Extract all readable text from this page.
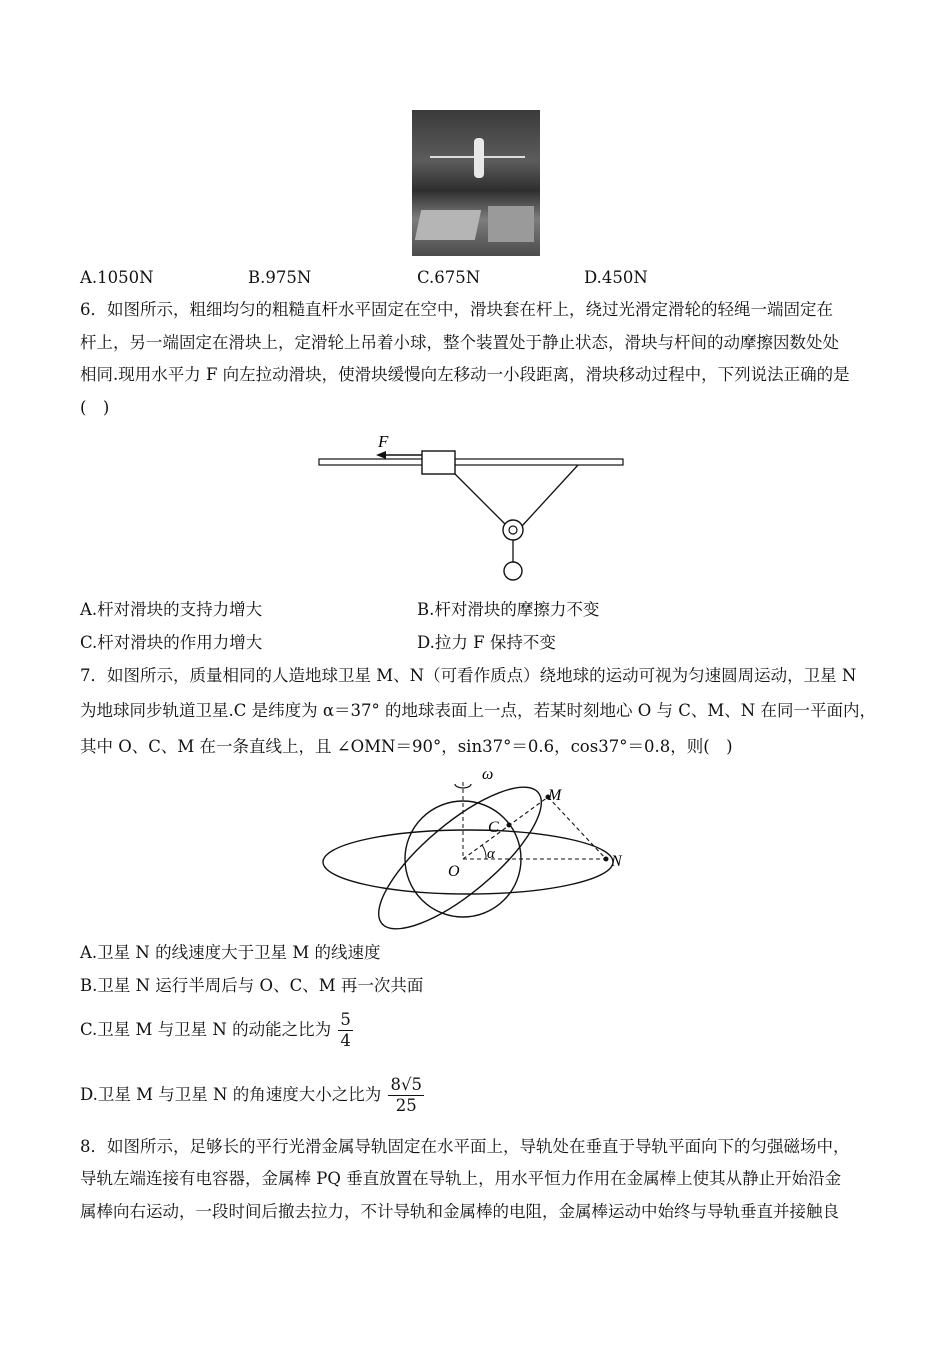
A.1050N	B.975N	C.675N	D.450N
6．如图所示，粗细均匀的粗糙直杆水平固定在空中，滑块套在杆上，绕过光滑定滑轮的轻绳一端固定在
杆上，另一端固定在滑块上，定滑轮上吊着小球，整个装置处于静止状态，滑块与杆间的动摩擦因数处处
相同.现用水平力 F 向左拉动滑块，使滑块缓慢向左移动一小段距离，滑块移动过程中，下列说法正确的是
(　)
F
A.杆对滑块的支持力增大	B.杆对滑块的摩擦力不变
C.杆对滑块的作用力增大	D.拉力 F 保持不变
7．如图所示，质量相同的人造地球卫星 M、N（可看作质点）绕地球的运动可视为匀速圆周运动，卫星 N
为地球同步轨道卫星.C 是纬度为 α＝37° 的地球表面上一点，若某时刻地心 O 与 C、M、N 在同一平面内，
其中 O、C、M 在一条直线上，且 ∠OMN＝90°，sin37°＝0.6，cos37°＝0.8，则(　)
ω
M
C
α
O
N
A.卫星 N 的线速度大于卫星 M 的线速度
B.卫星 N 运行半周后与 O、C、M 再一次共面
C.卫星 M 与卫星 N 的动能之比为 $\frac{5}{4}$
D.卫星 M 与卫星 N 的角速度大小之比为 $\frac{8√5}{25}$
8．如图所示，足够长的平行光滑金属导轨固定在水平面上，导轨处在垂直于导轨平面向下的匀强磁场中，
导轨左端连接有电容器，金属棒 PQ 垂直放置在导轨上，用水平恒力作用在金属棒上使其从静止开始沿金
属棒向右运动，一段时间后撤去拉力，不计导轨和金属棒的电阻，金属棒运动中始终与导轨垂直并接触良
